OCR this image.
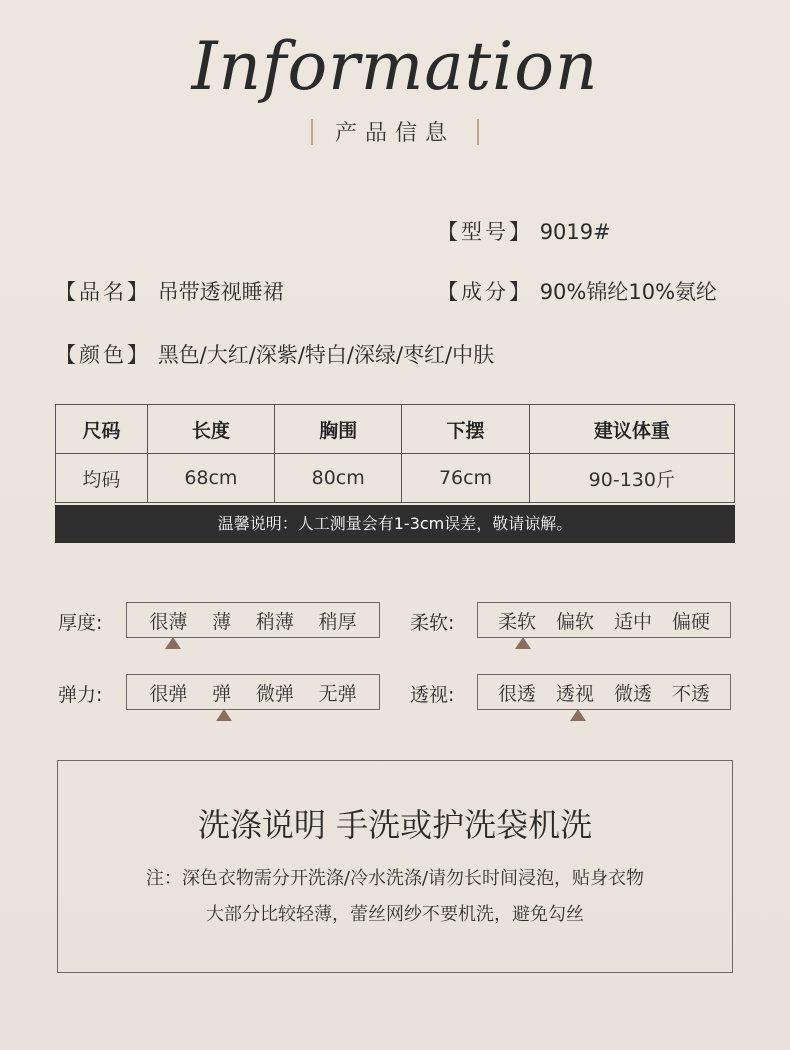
Information
产品信息
【型号】 9019#
【品名】 吊带透视睡裙	【成分】 90%锦纶10%氨纶
【颜色】 黑色/大红/深紫/特白/深绿/枣红/中肤
尺码	长度	胸围	下摆	建议体重
均码	68cm	80cm	76cm	90-130斤
温馨说明：人工测量会有1-3cm误差，敬请谅解。
厚度: 很薄 薄 稍薄 稍厚	柔软: 柔软 偏软 适中 偏硬
弹力: 很弹 弹 微弹 无弹	透视: 很透 透视 微透 不透
洗涤说明 手洗或护洗袋机洗
注：深色衣物需分开洗涤/冷水洗涤/请勿长时间浸泡，贴身衣物
大部分比较轻薄，蕾丝网纱不要机洗，避免勾丝
